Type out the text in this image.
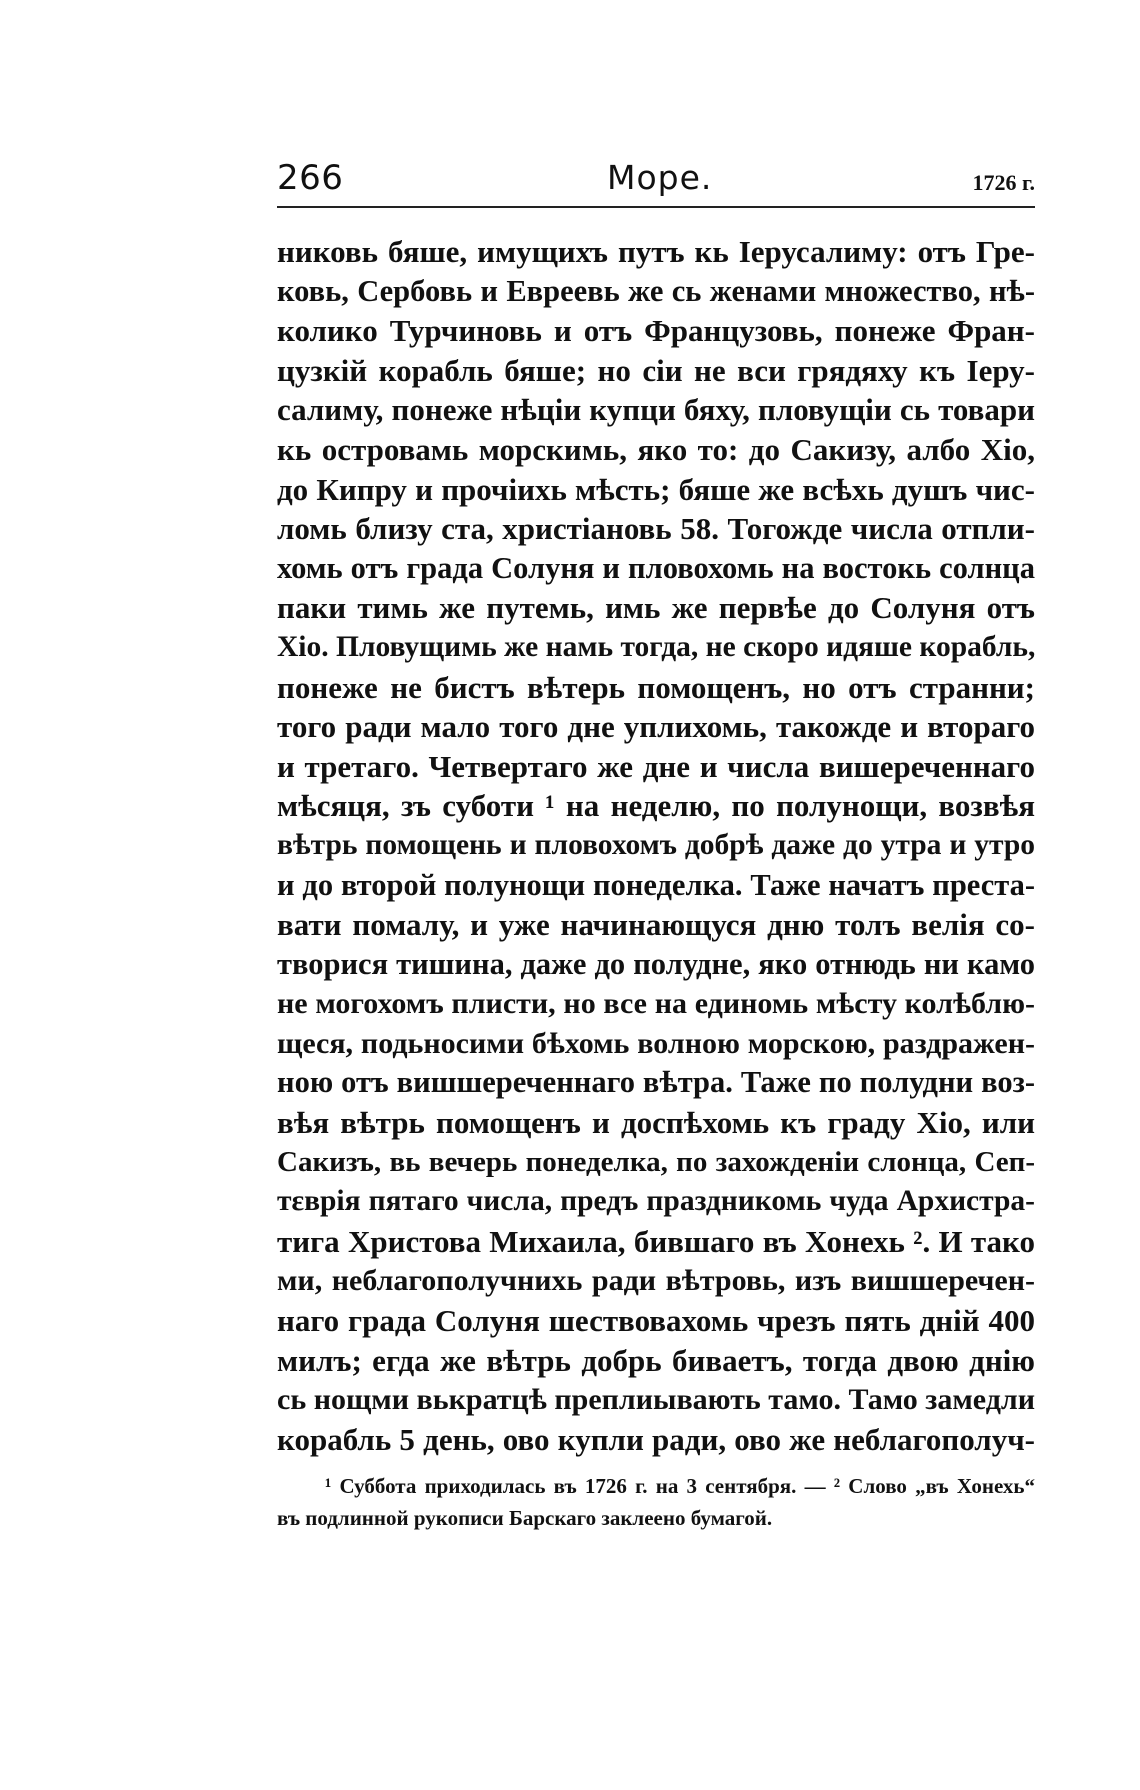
266	Море.	1726 г.
никовь бяше, имущихъ путъ кь Іерусалиму: отъ Гре-
ковь, Сербовь и Евреевь же сь женами множество, нѣ-
колико Турчиновь и отъ Французовь, понеже Фран-
цузкій корабль бяше; но сіи не вси грядяху къ Іеру-
салиму, понеже нѣціи купци бяху, пловущіи сь товари
кь островамь морскимь, яко то: до Сакизу, албо Хіо,
до Кипру и прочіихь мѣсть; бяше же всѣхь душъ чис-
ломь близу ста, христіановь 58. Тогожде числа отпли-
хомь отъ града Солуня и пловохомь на востокь солнца
паки тимь же путемь, имь же первѣе до Солуня отъ
Хіо. Пловущимь же намь тогда, не скоро идяше корабль,
понеже не бистъ вѣтерь помощенъ, но отъ странни;
того ради мало того дне уплихомь, такожде и втораго
и третаго. Четвертаго же дне и числа вишереченнаго
мѣсяця, зъ суботи ¹ на неделю, по полунощи, возвѣя
вѣтрь помощень и пловохомъ добрѣ даже до утра и утро
и до второй полунощи понеделка. Таже начатъ преста-
вати помалу, и уже начинающуся дню толъ велія со-
творися тишина, даже до полудне, яко отнюдь ни камо
не могохомъ плисти, но все на единомь мѣсту колѣблю-
щеся, подьносими бѣхомь волною морскою, раздражен-
ною отъ вишшереченнаго вѣтра. Таже по полудни воз-
вѣя вѣтрь помощенъ и доспѣхомь къ граду Хіо, или
Сакизъ, вь вечерь понеделка, по захожденіи слонца, Сеп-
тεврія пятаго числа, предъ праздникомь чуда Архистра-
тига Христова Михаила, бившаго въ Хонехь ². И тако
ми, неблагополучнихь ради вѣтровь, изъ вишшеречен-
наго града Солуня шествовахомь чрезъ пять дній 400
милъ; егда же вѣтрь добрь биваетъ, тогда двою днію
сь нощми вькратцѣ преплиывають тамо. Тамо замедли
корабль 5 день, ово купли ради, ово же неблагополуч-
¹ Суббота приходилась въ 1726 г. на 3 сентября. — ² Слово „въ Хонехь“
въ подлинной рукописи Барскаго заклеено бумагой.
